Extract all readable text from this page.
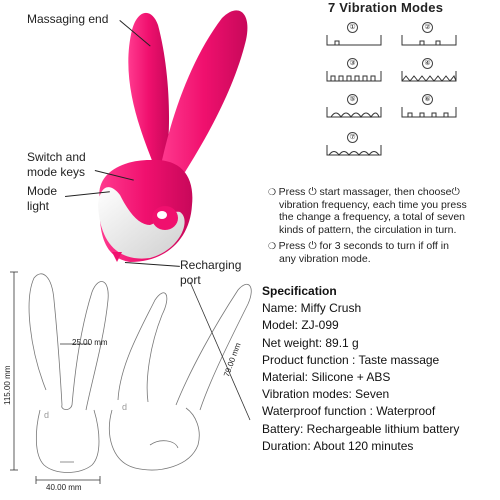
Massaging end
Switch and
mode keys
Mode
light
Recharging
port
7 Vibration Modes
①	②
③	④
⑤	⑥
⑦
❍ Press ⏻ start massager, then choose⏻
vibration frequency, each time you press
the change a frequency, a total of seven
kinds of pattern, the circulation in turn.
❍ Press ⏻ for 3 seconds to turn if off in
any vibration mode.
d
d
115.00 mm
25.00 mm
40.00 mm
79.00 mm
Specification
Name: Miffy Crush
Model: ZJ-099
Net weight: 89.1 g
Product function : Taste massage
Material: Silicone + ABS
Vibration modes: Seven
Waterproof function : Waterproof
Battery: Rechargeable lithium battery
Duration: About 120 minutes
